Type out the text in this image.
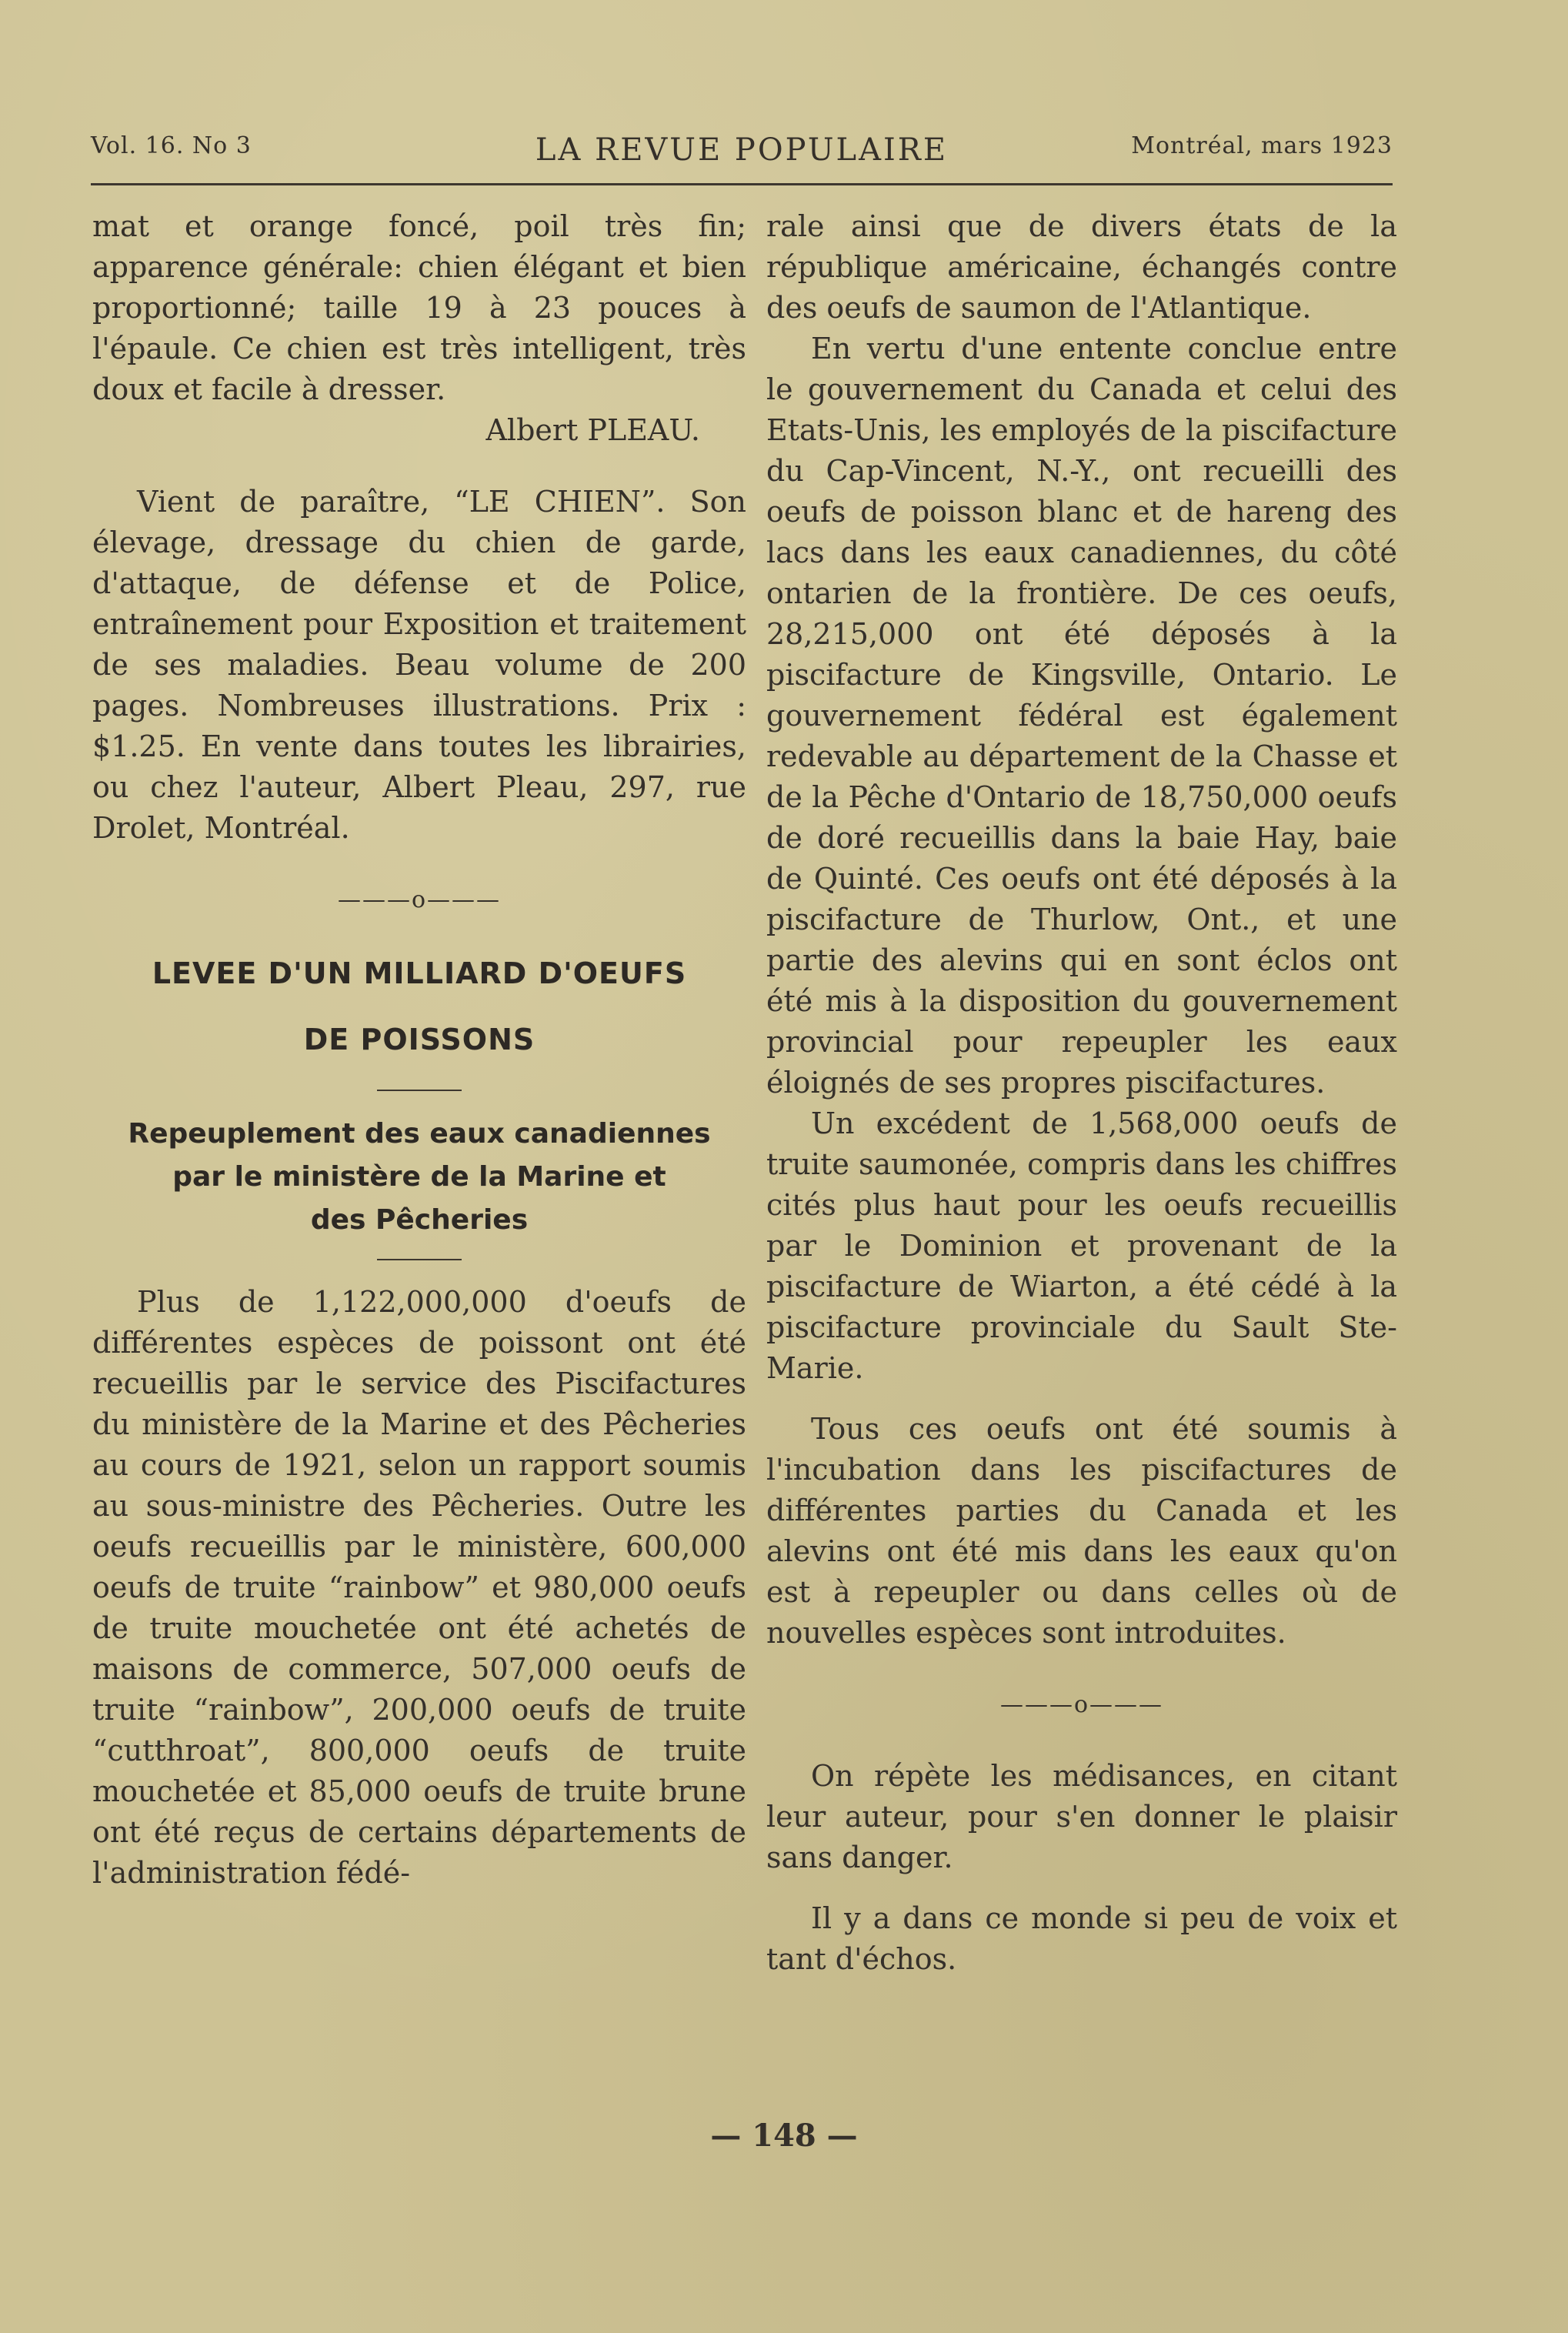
Vol. 16. No 3	LA REVUE POPULAIRE	Montréal, mars 1923

mat et orange foncé, poil très fin; apparence générale: chien élégant et bien proportionné; taille 19 à 23 pouces à l'épaule. Ce chien est très intelligent, très doux et facile à dresser.

Albert PLEAU.

Vient de paraître, “LE CHIEN”. Son élevage, dressage du chien de garde, d'attaque, de défense et de Police, entraînement pour Exposition et traitement de ses maladies. Beau volume de 200 pages. Nombreuses illustrations. Prix : $1.25. En vente dans toutes les librairies, ou chez l'auteur, Albert Pleau, 297, rue Drolet, Montréal.

———o———

LEVEE D'UN MILLIARD D'OEUFS

DE POISSONS

Repeuplement des eaux canadiennes

par le ministère de la Marine et

des Pêcheries

Plus de 1,122,000,000 d'oeufs de différentes espèces de poissont ont été recueillis par le service des Piscifactures du ministère de la Marine et des Pêcheries au cours de 1921, selon un rapport soumis au sous-ministre des Pêcheries. Outre les oeufs recueillis par le ministère, 600,000 oeufs de truite “rainbow” et 980,000 oeufs de truite mouchetée ont été achetés de maisons de commerce, 507,000 oeufs de truite “rainbow”, 200,000 oeufs de truite “cutthroat”, 800,000 oeufs de truite mouchetée et 85,000 oeufs de truite brune ont été reçus de certains départements de l'administration fédé-

rale ainsi que de divers états de la république américaine, échangés contre des oeufs de saumon de l'Atlantique.

En vertu d'une entente conclue entre le gouvernement du Canada et celui des Etats-Unis, les employés de la piscifacture du Cap-Vincent, N.-Y., ont recueilli des oeufs de poisson blanc et de hareng des lacs dans les eaux canadiennes, du côté ontarien de la frontière. De ces oeufs, 28,215,000 ont été déposés à la piscifacture de Kingsville, Ontario. Le gouvernement fédéral est également redevable au département de la Chasse et de la Pêche d'Ontario de 18,750,000 oeufs de doré recueillis dans la baie Hay, baie de Quinté. Ces oeufs ont été déposés à la piscifacture de Thurlow, Ont., et une partie des alevins qui en sont éclos ont été mis à la disposition du gouvernement provincial pour repeupler les eaux éloignés de ses propres piscifactures.

Un excédent de 1,568,000 oeufs de truite saumonée, compris dans les chiffres cités plus haut pour les oeufs recueillis par le Dominion et provenant de la piscifacture de Wiarton, a été cédé à la piscifacture provinciale du Sault Ste-Marie.

Tous ces oeufs ont été soumis à l'incubation dans les piscifactures de différentes parties du Canada et les alevins ont été mis dans les eaux qu'on est à repeupler ou dans celles où de nouvelles espèces sont introduites.

———o———

On répète les médisances, en citant leur auteur, pour s'en donner le plaisir sans danger.

Il y a dans ce monde si peu de voix et tant d'échos.

— 148 —
